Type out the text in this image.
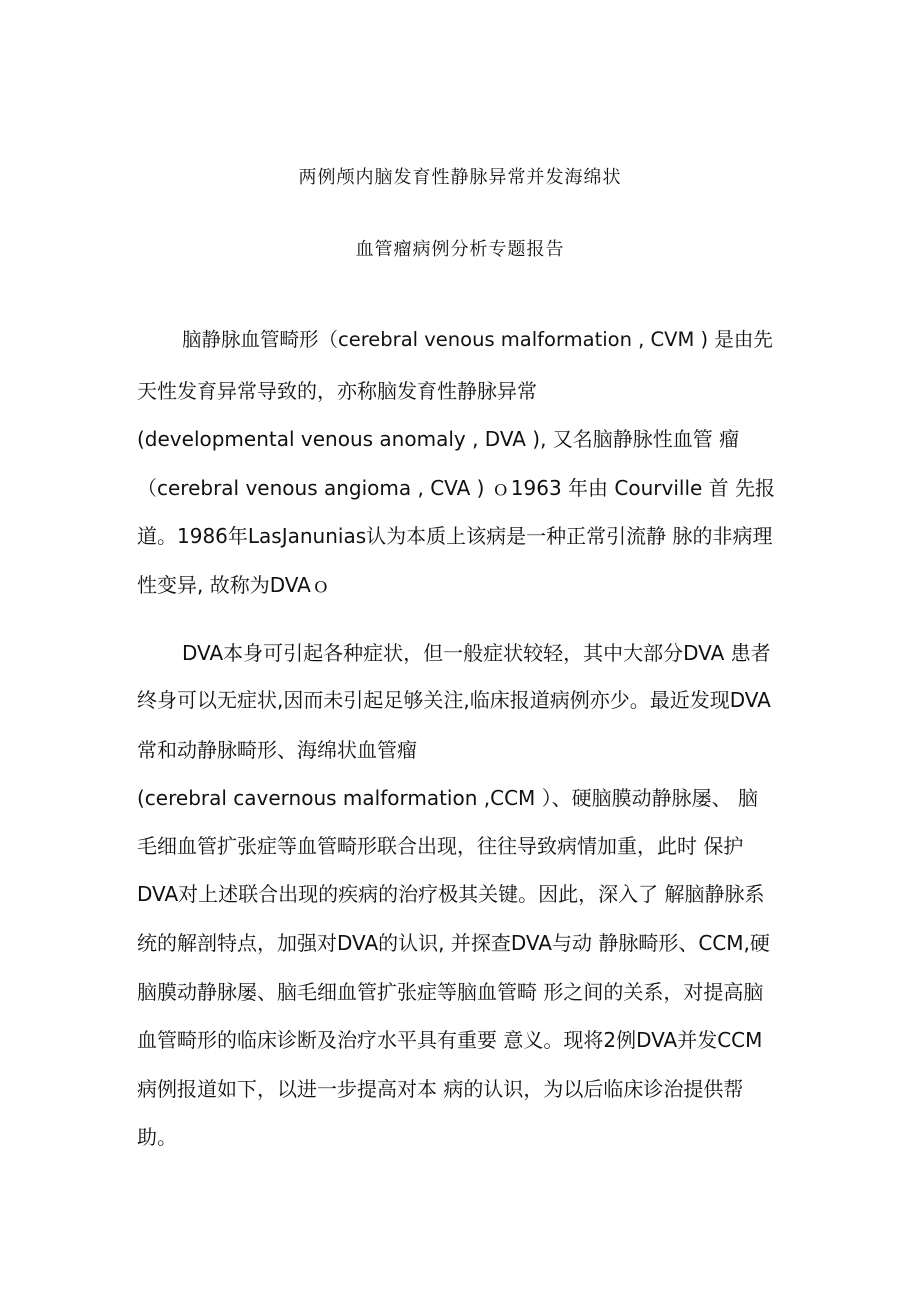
两例颅内脑发育性静脉异常并发海绵状
血管瘤病例分析专题报告
脑静脉血管畸形（cerebral venous malformation , CVM ) 是由先
天性发育异常导致的，亦称脑发育性静脉异常
(developmental venous anomaly , DVA ), 又名脑静脉性血管 瘤
（cerebral venous angioma , CVA ) ｏ1963 年由 Courville 首 先报
道。1986年LasJanunias认为本质上该病是一种正常引流静 脉的非病理
性变异, 故称为DVAｏ
DVA本身可引起各种症状，但一般症状较轻，其中大部分DVA 患者
终身可以无症状,因而未引起足够关注,临床报道病例亦少。最近发现DVA
常和动静脉畸形、海绵状血管瘤
(cerebral cavernous malformation ,CCM ）、硬脑膜动静脉屡、 脑
毛细血管扩张症等血管畸形联合出现，往往导致病情加重，此时 保护
DVA对上述联合出现的疾病的治疗极其关键。因此，深入了 解脑静脉系
统的解剖特点，加强对DVA的认识, 并探查DVA与动 静脉畸形、CCM,硬
脑膜动静脉屡、脑毛细血管扩张症等脑血管畸 形之间的关系，对提高脑
血管畸形的临床诊断及治疗水平具有重要 意义。现将2例DVA并发CCM
病例报道如下，以进一步提高对本 病的认识，为以后临床诊治提供帮
助。
